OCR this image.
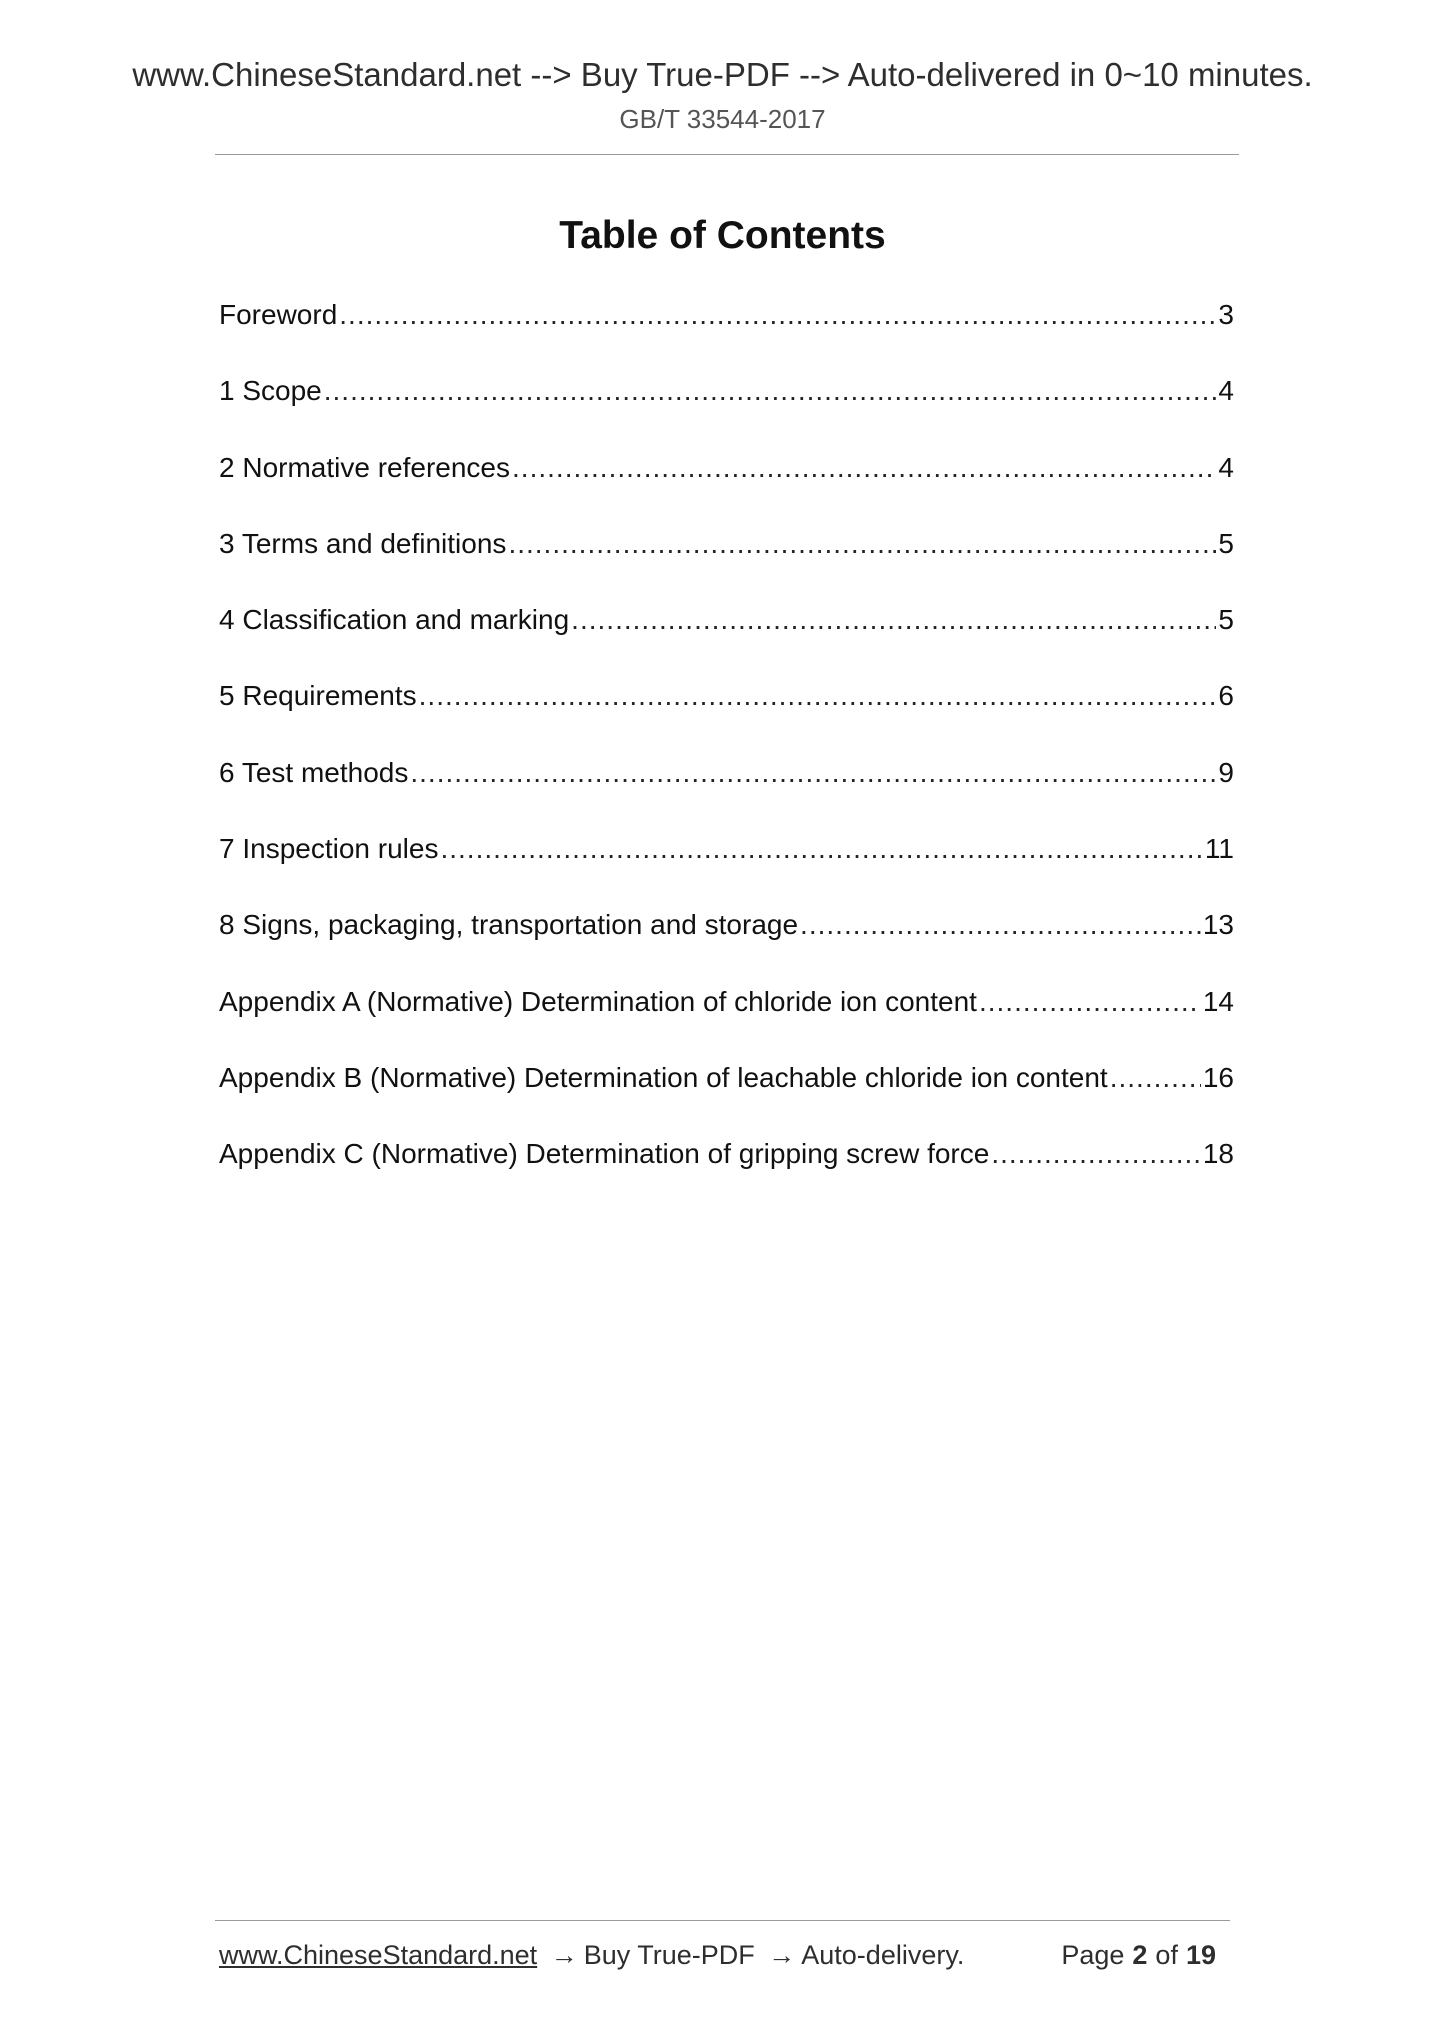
www.ChineseStandard.net --> Buy True-PDF --> Auto-delivered in 0~10 minutes.
GB/T 33544-2017
Table of Contents
Foreword .....	3
1 Scope .....	4
2 Normative references .....	4
3 Terms and definitions .....	5
4 Classification and marking .....	5
5 Requirements .....	6
6 Test methods .....	9
7 Inspection rules .....	11
8 Signs, packaging, transportation and storage .....	13
Appendix A (Normative) Determination of chloride ion content .....	14
Appendix B (Normative) Determination of leachable chloride ion content .....	16
Appendix C (Normative) Determination of gripping screw force .....	18
www.ChineseStandard.net → Buy True-PDF → Auto-delivery.	Page 2 of 19
